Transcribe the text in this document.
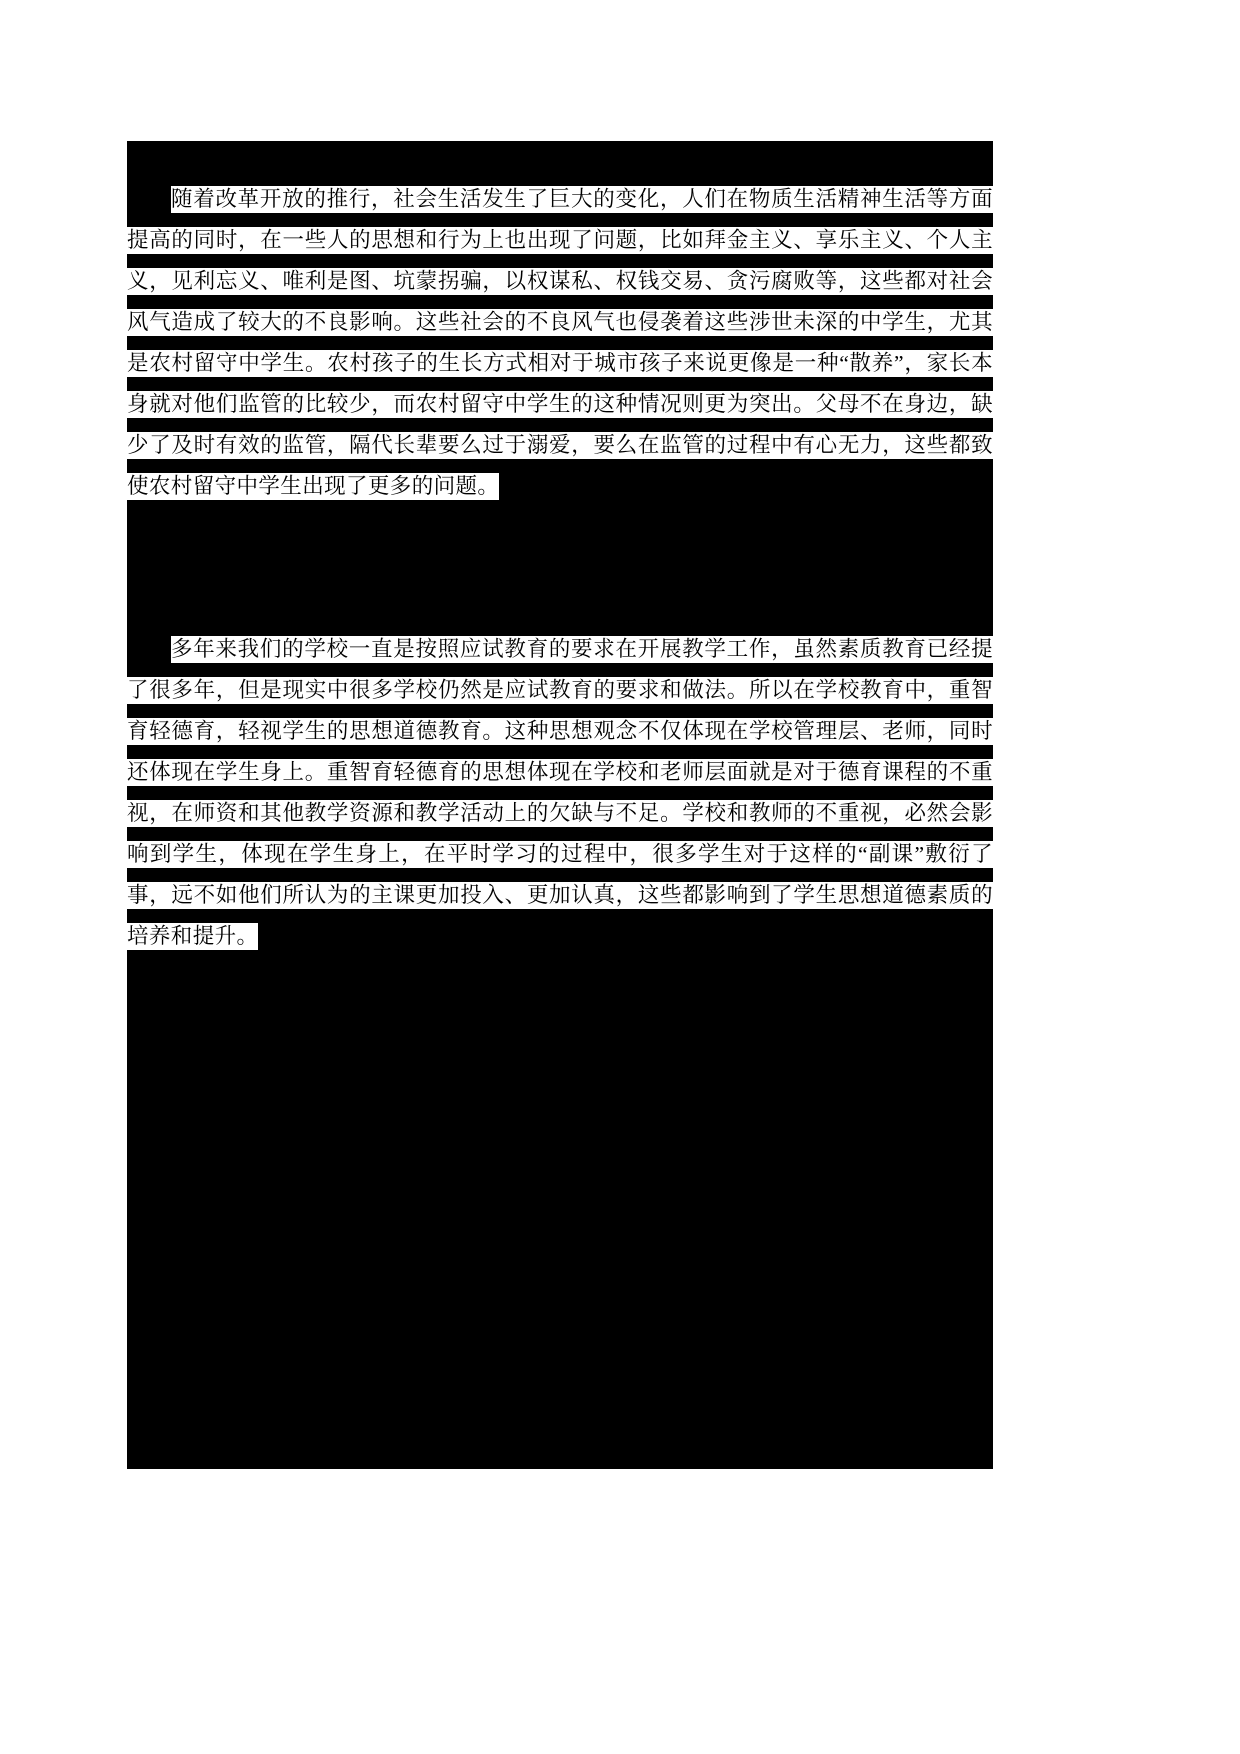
随着改革开放的推行，社会生活发生了巨大的变化，人们在物质生活精神生活等方面提高的同时，在一些人的思想和行为上也出现了问题，比如拜金主义、享乐主义、个人主义，见利忘义、唯利是图、坑蒙拐骗，以权谋私、权钱交易、贪污腐败等，这些都对社会风气造成了较大的不良影响。这些社会的不良风气也侵袭着这些涉世未深的中学生，尤其是农村留守中学生。农村孩子的生长方式相对于城市孩子来说更像是一种“散养”，家长本身就对他们监管的比较少，而农村留守中学生的这种情况则更为突出。父母不在身边，缺少了及时有效的监管，隔代长辈要么过于溺爱，要么在监管的过程中有心无力，这些都致使农村留守中学生出现了更多的问题。

多年来我们的学校一直是按照应试教育的要求在开展教学工作，虽然素质教育已经提了很多年，但是现实中很多学校仍然是应试教育的要求和做法。所以在学校教育中，重智育轻德育，轻视学生的思想道德教育。这种思想观念不仅体现在学校管理层、老师，同时还体现在学生身上。重智育轻德育的思想体现在学校和老师层面就是对于德育课程的不重视，在师资和其他教学资源和教学活动上的欠缺与不足。学校和教师的不重视，必然会影响到学生，体现在学生身上，在平时学习的过程中，很多学生对于这样的“副课”敷衍了事，远不如他们所认为的主课更加投入、更加认真，这些都影响到了学生思想道德素质的培养和提升。
